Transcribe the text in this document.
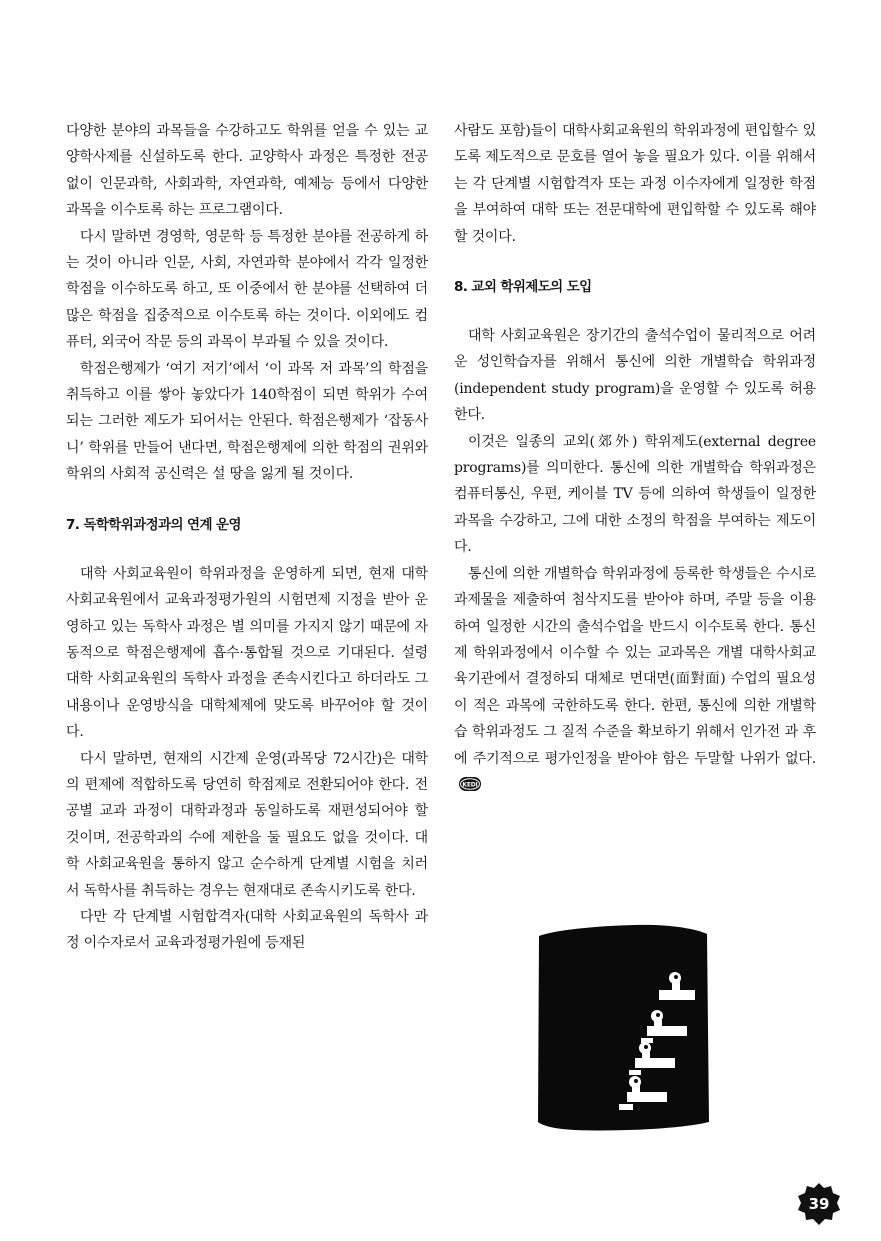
다양한 분야의 과목들을 수강하고도 학위를 얻을 수 있는 교양학사제를 신설하도록 한다. 교양학사 과정은 특정한 전공없이 인문과학, 사회과학, 자연과학, 예체능 등에서 다양한 과목을 이수토록 하는 프로그램이다.

다시 말하면 경영학, 영문학 등 특정한 분야를 전공하게 하는 것이 아니라 인문, 사회, 자연과학 분야에서 각각 일정한 학점을 이수하도록 하고, 또 이중에서 한 분야를 선택하여 더 많은 학점을 집중적으로 이수토록 하는 것이다. 이외에도 컴퓨터, 외국어 작문 등의 과목이 부과될 수 있을 것이다.

학점은행제가 ‘여기 저기’에서 ‘이 과목 저 과목’의 학점을 취득하고 이를 쌓아 놓았다가 140학점이 되면 학위가 수여되는 그러한 제도가 되어서는 안된다. 학점은행제가 ‘잡동사니’ 학위를 만들어 낸다면, 학점은행제에 의한 학점의 권위와 학위의 사회적 공신력은 설 땅을 잃게 될 것이다.

7. 독학학위과정과의 연계 운영

대학 사회교육원이 학위과정을 운영하게 되면, 현재 대학 사회교육원에서 교육과정평가원의 시험면제 지정을 받아 운영하고 있는 독학사 과정은 별 의미를 가지지 않기 때문에 자동적으로 학점은행제에 흡수·통합될 것으로 기대된다. 설령 대학 사회교육원의 독학사 과정을 존속시킨다고 하더라도 그 내용이나 운영방식을 대학체제에 맞도록 바꾸어야 할 것이다.

다시 말하면, 현재의 시간제 운영(과목당 72시간)은 대학의 편제에 적합하도록 당연히 학점제로 전환되어야 한다. 전공별 교과 과정이 대학과정과 동일하도록 재편성되어야 할 것이며, 전공학과의 수에 제한을 둘 필요도 없을 것이다. 대학 사회교육원을 통하지 않고 순수하게 단계별 시험을 치러서 독학사를 취득하는 경우는 현재대로 존속시키도록 한다.

다만 각 단계별 시험합격자(대학 사회교육원의 독학사 과정 이수자로서 교육과정평가원에 등재된

사람도 포함)들이 대학사회교육원의 학위과정에 편입할수 있도록 제도적으로 문호를 열어 놓을 필요가 있다. 이를 위해서는 각 단계별 시험합격자 또는 과정 이수자에게 일정한 학점을 부여하여 대학 또는 전문대학에 편입학할 수 있도록 해야 할 것이다.

8. 교외 학위제도의 도입

대학 사회교육원은 장기간의 출석수업이 물리적으로 어려운 성인학습자를 위해서 통신에 의한 개별학습 학위과정(independent study program)을 운영할 수 있도록 허용한다.

이것은 일종의 교외(郊外) 학위제도(external degree programs)를 의미한다. 통신에 의한 개별학습 학위과정은 컴퓨터통신, 우편, 케이블 TV 등에 의하여 학생들이 일정한 과목을 수강하고, 그에 대한 소정의 학점을 부여하는 제도이다.

통신에 의한 개별학습 학위과정에 등록한 학생들은 수시로 과제물을 제출하여 첨삭지도를 받아야 하며, 주말 등을 이용하여 일정한 시간의 출석수업을 반드시 이수토록 한다. 통신제 학위과정에서 이수할 수 있는 교과목은 개별 대학사회교육기관에서 결정하되 대체로 면대면(面對面) 수업의 필요성이 적은 과목에 국한하도록 한다. 한편, 통신에 의한 개별학습 학위과정도 그 질적 수준을 확보하기 위해서 인가전 과 후에 주기적으로 평가인정을 받아야 함은 두말할 나위가 없다.
KEDI

39
